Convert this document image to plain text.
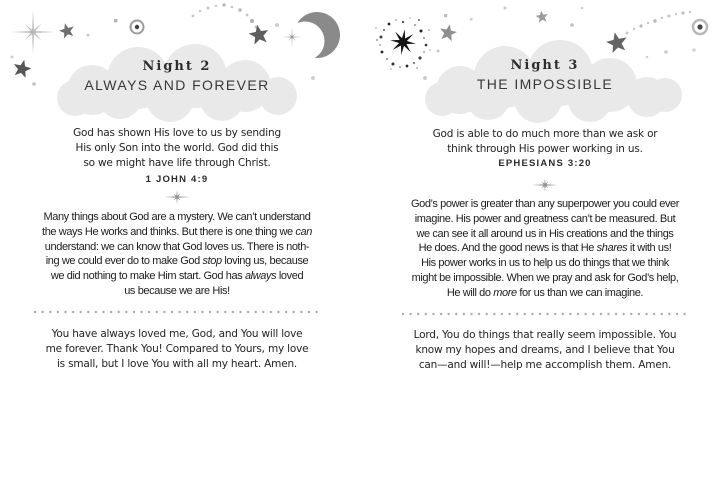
Night 2
ALWAYS AND FOREVER
God has shown His love to us by sending
His only Son into the world. God did this
so we might have life through Christ.
1 JOHN 4:9
Many things about God are a mystery. We can’t understand
the ways He works and thinks. But there is one thing we can
understand: we can know that God loves us. There is noth-
ing we could ever do to make God stop loving us, because
we did nothing to make Him start. God has always loved
us because we are His!
You have always loved me, God, and You will love
me forever. Thank You! Compared to Yours, my love
is small, but I love You with all my heart. Amen.
Night 3
THE IMPOSSIBLE
God is able to do much more than we ask or
think through His power working in us.
EPHESIANS 3:20
God’s power is greater than any superpower you could ever
imagine. His power and greatness can’t be measured. But
we can see it all around us in His creations and the things
He does. And the good news is that He shares it with us!
His power works in us to help us do things that we think
might be impossible. When we pray and ask for God’s help,
He will do more for us than we can imagine.
Lord, You do things that really seem impossible. You
know my hopes and dreams, and I believe that You
can—and will!—help me accomplish them. Amen.
